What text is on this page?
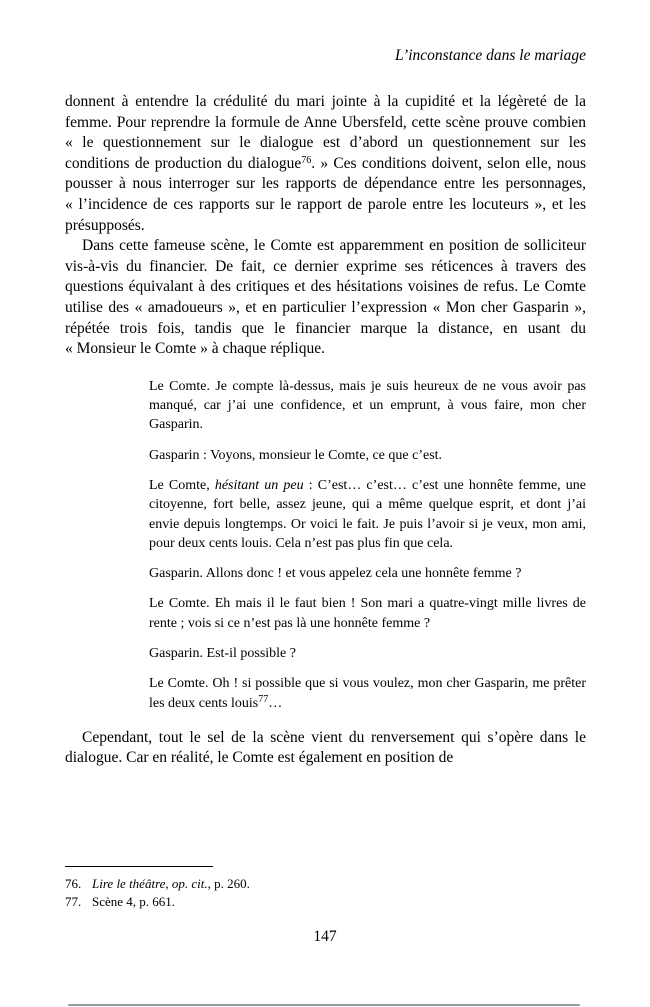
L’inconstance dans le mariage

donnent à entendre la crédulité du mari jointe à la cupidité et la légèreté de la femme. Pour reprendre la formule de Anne Ubersfeld, cette scène prouve combien « le questionnement sur le dialogue est d’abord un questionnement sur les conditions de production du dialogue$^{76}$. » Ces conditions doivent, selon elle, nous pousser à nous interroger sur les rapports de dépendance entre les personnages, « l’incidence de ces rapports sur le rapport de parole entre les locuteurs », et les présupposés.

Dans cette fameuse scène, le Comte est apparemment en position de solliciteur vis-à-vis du financier. De fait, ce dernier exprime ses réticences à travers des questions équivalant à des critiques et des hésitations voisines de refus. Le Comte utilise des « amadoueurs », et en particulier l’expression « Mon cher Gasparin », répétée trois fois, tandis que le financier marque la distance, en usant du « Monsieur le Comte » à chaque réplique.

Le Comte. Je compte là-dessus, mais je suis heureux de ne vous avoir pas manqué, car j’ai une confidence, et un emprunt, à vous faire, mon cher Gasparin.

Gasparin : Voyons, monsieur le Comte, ce que c’est.

Le Comte, hésitant un peu : C’est… c’est… c’est une honnête femme, une citoyenne, fort belle, assez jeune, qui a même quelque esprit, et dont j’ai envie depuis longtemps. Or voici le fait. Je puis l’avoir si je veux, mon ami, pour deux cents louis. Cela n’est pas plus fin que cela.

Gasparin. Allons donc ! et vous appelez cela une honnête femme ?

Le Comte. Eh mais il le faut bien ! Son mari a quatre-vingt mille livres de rente ; vois si ce n’est pas là une honnête femme ?

Gasparin. Est-il possible ?

Le Comte. Oh ! si possible que si vous voulez, mon cher Gasparin, me prêter les deux cents louis$^{77}$…

Cependant, tout le sel de la scène vient du renversement qui s’opère dans le dialogue. Car en réalité, le Comte est également en position de

76. Lire le théâtre, op. cit., p. 260.
77. Scène 4, p. 661.
147
